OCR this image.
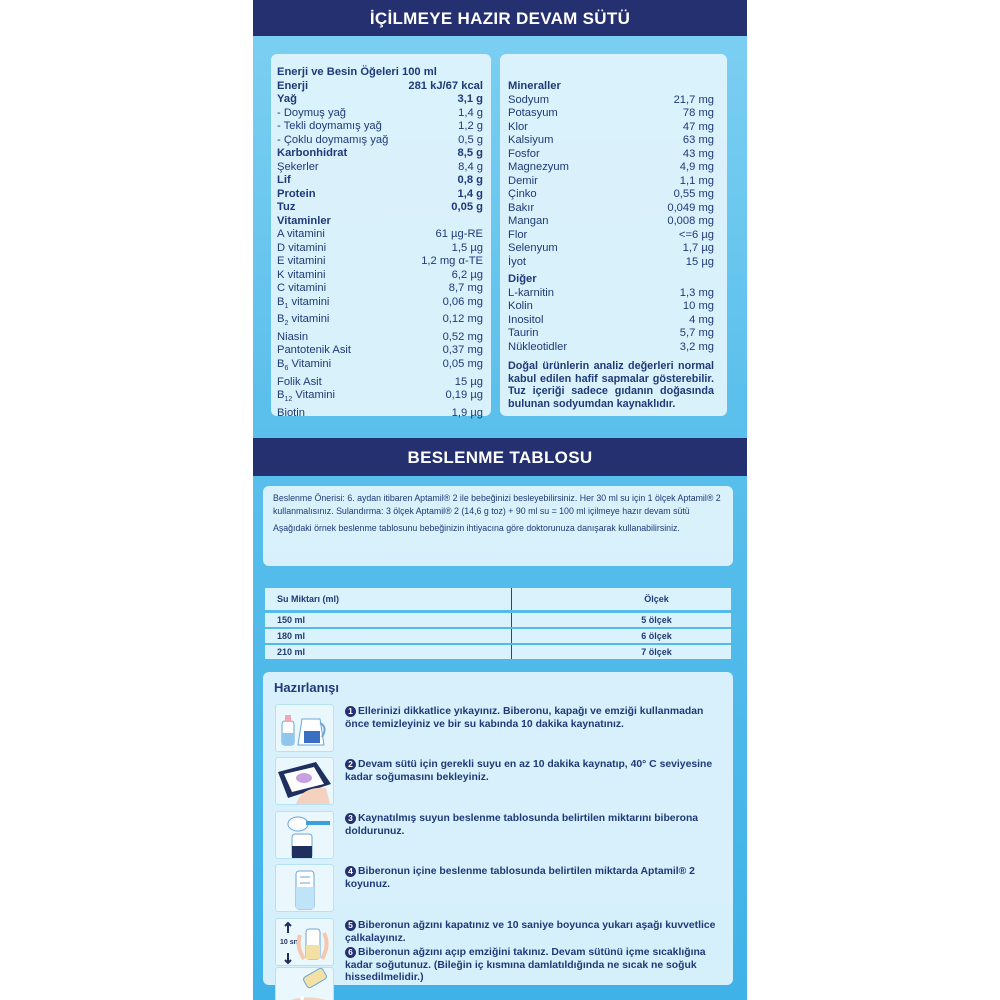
İÇİLMEYE HAZIR DEVAM SÜTÜ
Enerji ve Besin Öğeleri 100 ml
Enerji	281 kJ/67 kcal
Yağ	3,1 g
- Doymuş yağ	1,4 g
- Tekli doymamış yağ	1,2 g
- Çoklu doymamış yağ	0,5 g
Karbonhidrat	8,5 g
Şekerler	8,4 g
Lif	0,8 g
Protein	1,4 g
Tuz	0,05 g
Vitaminler
A vitamini	61 µg-RE
D vitamini	1,5 µg
E vitamini	1,2 mg α-TE
K vitamini	6,2 µg
C vitamini	8,7 mg
$B_1$ vitamini	0,06 mg
$B_2$ vitamini	0,12 mg
Niasin	0,52 mg
Pantotenik Asit	0,37 mg
$B_6$ Vitamini	0,05 mg
Folik Asit	15 µg
$B_{12}$ Vitamini	0,19 µg
Biotin	1,9 µg
Mineraller
Sodyum	21,7 mg
Potasyum	78 mg
Klor	47 mg
Kalsiyum	63 mg
Fosfor	43 mg
Magnezyum	4,9 mg
Demir	1,1 mg
Çinko	0,55 mg
Bakır	0,049 mg
Mangan	0,008 mg
Flor	<=6 µg
Selenyum	1,7 µg
İyot	15 µg
Diğer
L-karnitin	1,3 mg
Kolin	10 mg
Inositol	4 mg
Taurin	5,7 mg
Nükleotidler	3,2 mg
Doğal ürünlerin analiz değerleri normal kabul edilen hafif sapmalar gösterebilir. Tuz içeriği sadece gıdanın doğasında bulunan sodyumdan kaynaklıdır.
BESLENME TABLOSU

Beslenme Önerisi: 6. aydan itibaren Aptamil® 2 ile bebeğinizi besleyebilirsiniz. Her 30 ml su için 1 ölçek Aptamil® 2 kullanmalısınız. Sulandırma: 3 ölçek Aptamil® 2 (14,6 g toz) + 90 ml su = 100 ml içilmeye hazır devam sütü

Aşağıdaki örnek beslenme tablosunu bebeğinizin ihtiyacına göre doktorunuza danışarak kullanabilirsiniz.

Su Miktarı (ml)	Ölçek
150 ml	5 ölçek
180 ml	6 ölçek
210 ml	7 ölçek
Hazırlanışı
1 Ellerinizi dikkatlice yıkayınız. Biberonu, kapağı ve emziği kullanmadan önce temizleyiniz ve bir su kabında 10 dakika kaynatınız.
2 Devam sütü için gerekli suyu en az 10 dakika kaynatıp, 40° C seviyesine kadar soğumasını bekleyiniz.
3 Kaynatılmış suyun beslenme tablosunda belirtilen miktarını biberona doldurunuz.
4 Biberonun içine beslenme tablosunda belirtilen miktarda Aptamil® 2 koyunuz.
10 sn
5 Biberonun ağzını kapatınız ve 10 saniye boyunca yukarı aşağı kuvvetlice çalkalayınız.
6 Biberonun ağzını açıp emziğini takınız. Devam sütünü içme sıcaklığına kadar soğutunuz. (Bileğin iç kısmına damlatıldığında ne sıcak ne soğuk hissedilmelidir.)
